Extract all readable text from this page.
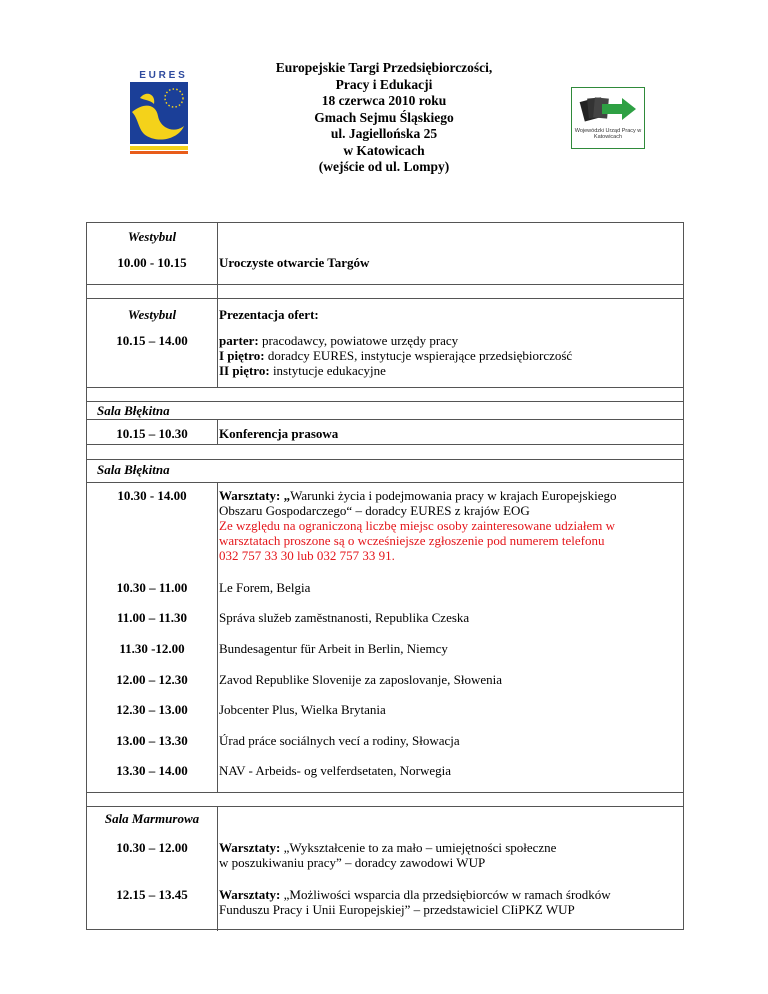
E U R E S
Europejskie Targi Przedsiębiorczości,
Pracy i Edukacji
18 czerwca 2010 roku
Gmach Sejmu Śląskiego
ul. Jagiellońska 25
w Katowicach
(wejście od ul. Lompy)
Wojewódzki Urząd Pracy w Katowicach
Westybul
10.00 - 10.15	Uroczyste otwarcie Targów
Westybul	Prezentacja ofert:
10.15 – 14.00	parter: pracodawcy, powiatowe urzędy pracy
I piętro: doradcy EURES, instytucje wspierające przedsiębiorczość
II piętro: instytucje edukacyjne
Sala Błękitna
10.15 – 10.30	Konferencja prasowa
Sala Błękitna
10.30 - 14.00	Warsztaty: „Warunki życia i podejmowania pracy w krajach Europejskiego
Obszaru Gospodarczego“ – doradcy EURES z krajów EOG
Ze względu na ograniczoną liczbę miejsc osoby zainteresowane udziałem w
warsztatach proszone są o wcześniejsze zgłoszenie pod numerem telefonu
032 757 33 30 lub 032 757 33 91.
10.30 – 11.00	Le Forem, Belgia
11.00 – 11.30	Správa služeb zaměstnanosti, Republika Czeska
11.30 -12.00	Bundesagentur für Arbeit in Berlin, Niemcy
12.00 – 12.30	Zavod Republike Slovenije za zaposlovanje, Słowenia
12.30 – 13.00	Jobcenter Plus, Wielka Brytania
13.00 – 13.30	Úrad práce sociálnych vecí a rodiny, Słowacja
13.30 – 14.00	NAV - Arbeids- og velferdsetaten, Norwegia
Sala Marmurowa
10.30 – 12.00	Warsztaty: „Wykształcenie to za mało – umiejętności społeczne
w poszukiwaniu pracy” – doradcy zawodowi WUP
12.15 – 13.45	Warsztaty: „Możliwości wsparcia dla przedsiębiorców w ramach środków
Funduszu Pracy i Unii Europejskiej” – przedstawiciel CIiPKZ WUP
